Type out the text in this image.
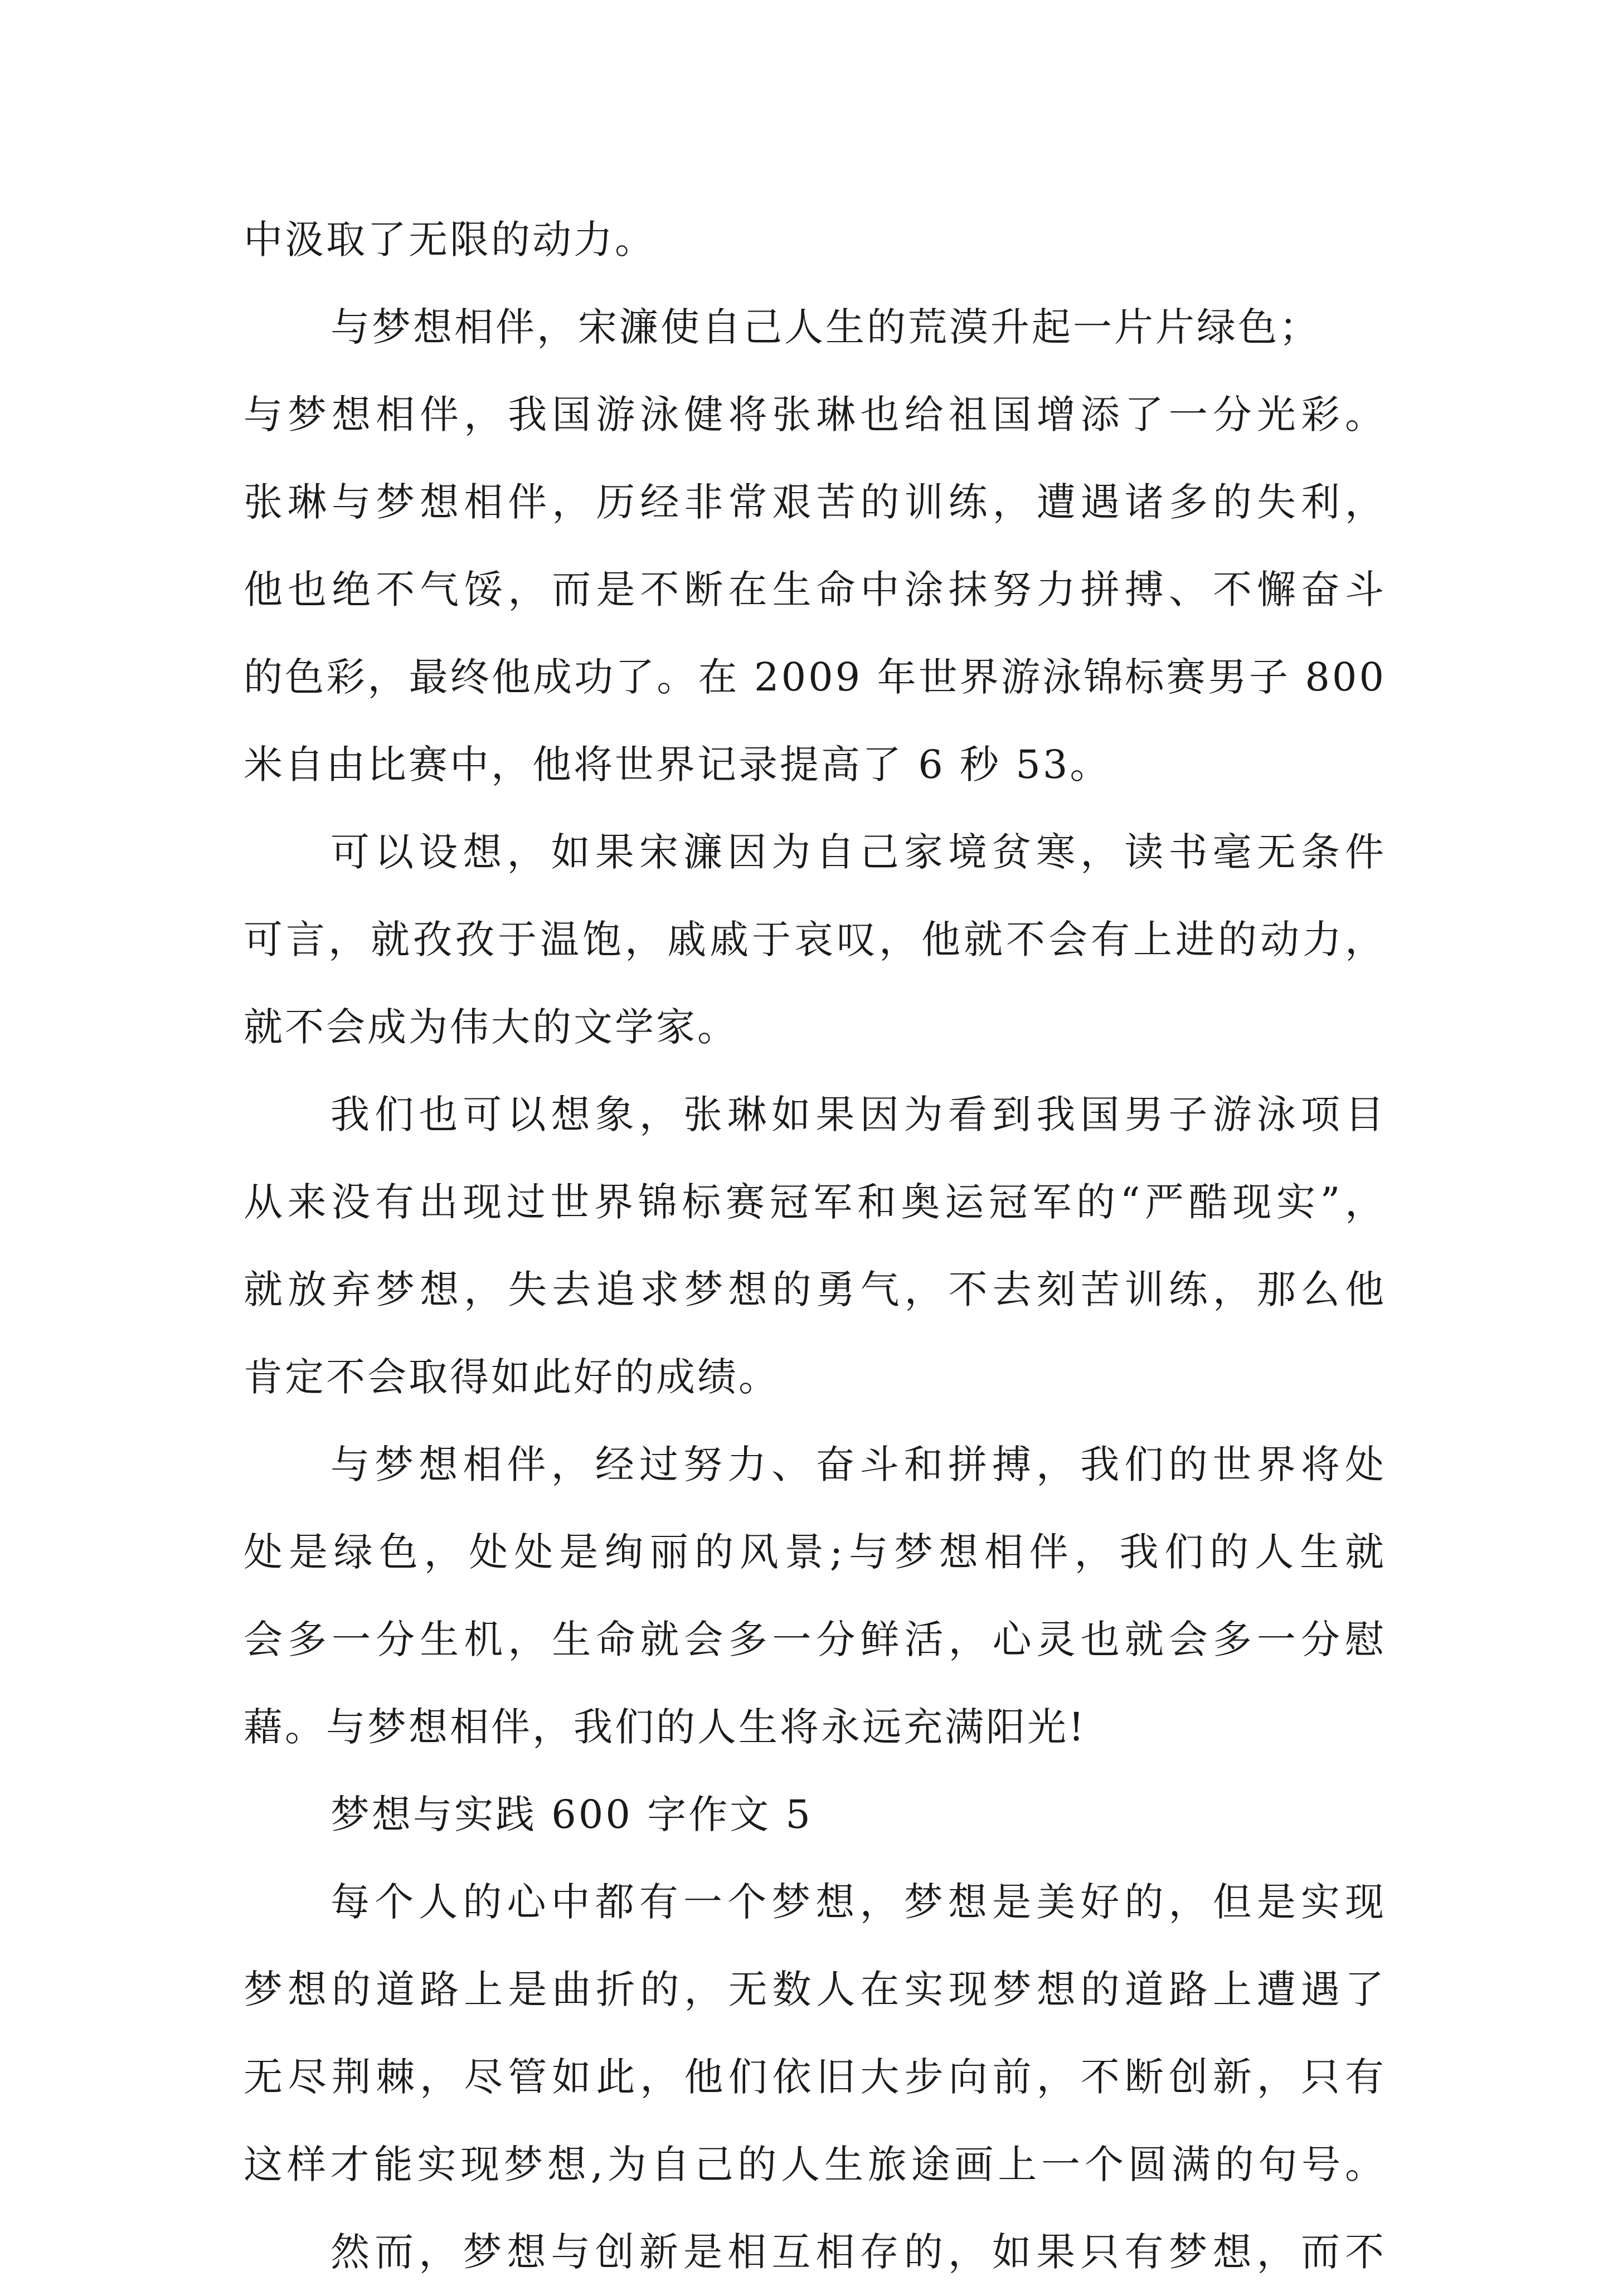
中汲取了无限的动力。
与梦想相伴，宋濂使自己人生的荒漠升起一片片绿色；
与梦想相伴，我国游泳健将张琳也给祖国增添了一分光彩。
张琳与梦想相伴，历经非常艰苦的训练，遭遇诸多的失利，
他也绝不气馁，而是不断在生命中涂抹努力拼搏、不懈奋斗
的色彩，最终他成功了。在 2009 年世界游泳锦标赛男子 800
米自由比赛中，他将世界记录提高了 6 秒 53。
可以设想，如果宋濂因为自己家境贫寒，读书毫无条件
可言，就孜孜于温饱，戚戚于哀叹，他就不会有上进的动力，
就不会成为伟大的文学家。
我们也可以想象，张琳如果因为看到我国男子游泳项目
从来没有出现过世界锦标赛冠军和奥运冠军的“严酷现实”，
就放弃梦想，失去追求梦想的勇气，不去刻苦训练，那么他
肯定不会取得如此好的成绩。
与梦想相伴，经过努力、奋斗和拼搏，我们的世界将处
处是绿色，处处是绚丽的风景;与梦想相伴，我们的人生就
会多一分生机，生命就会多一分鲜活，心灵也就会多一分慰
藉。与梦想相伴，我们的人生将永远充满阳光!
梦想与实践 600 字作文 5
每个人的心中都有一个梦想，梦想是美好的，但是实现
梦想的道路上是曲折的，无数人在实现梦想的道路上遭遇了
无尽荆棘，尽管如此，他们依旧大步向前，不断创新，只有
这样才能实现梦想,为自己的人生旅途画上一个圆满的句号。
然而，梦想与创新是相互相存的，如果只有梦想，而不
